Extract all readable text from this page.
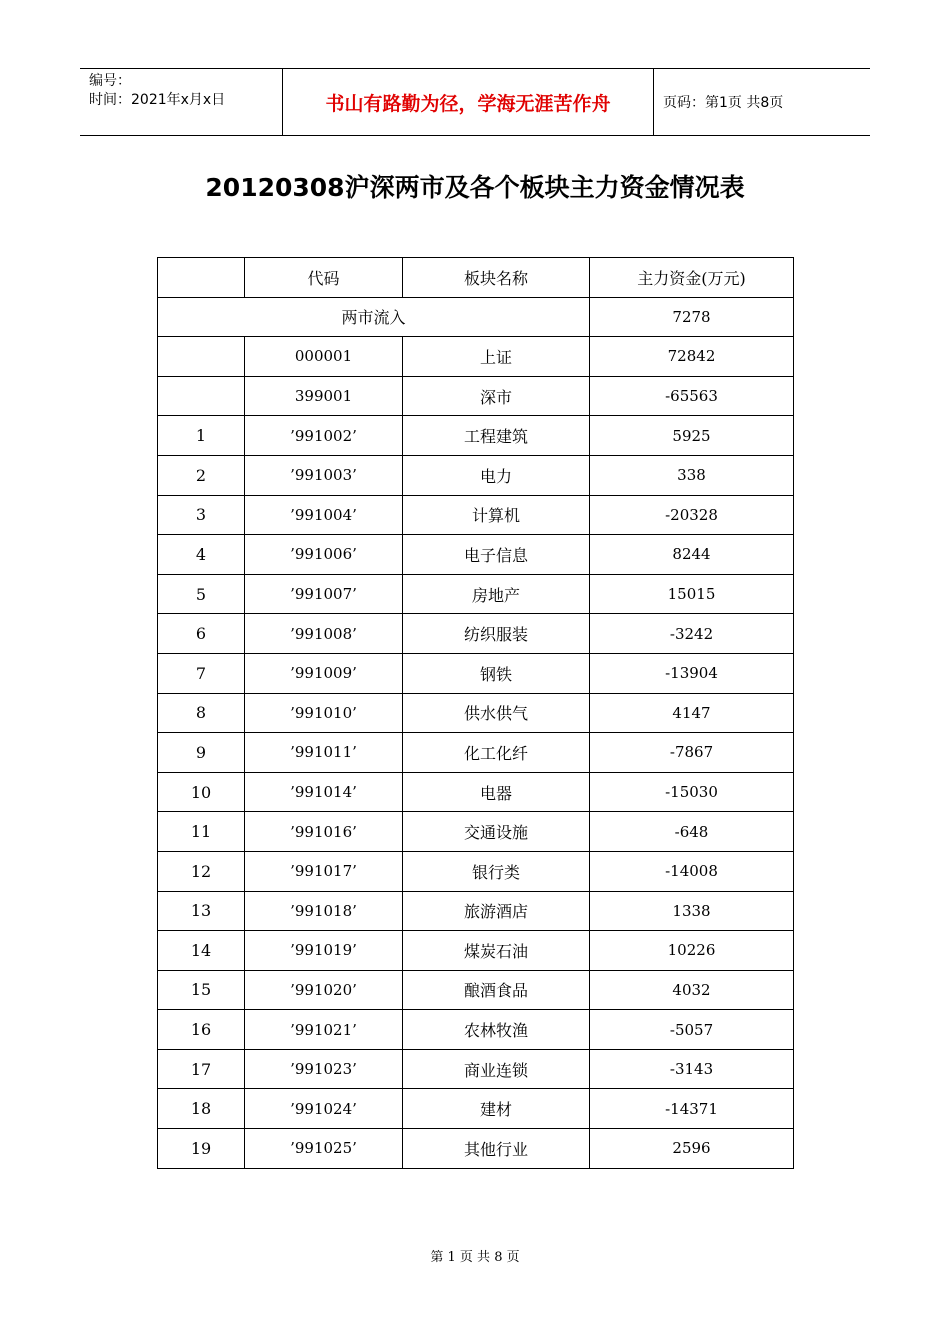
编号：
时间：2021年x月x日	书山有路勤为径，学海无涯苦作舟	页码：第1页 共8页
20120308沪深两市及各个板块主力资金情况表
	代码	板块名称	主力资金(万元)
两市流入			7278
	000001	上证	72842
	399001	深市	-65563
1	’991002’	工程建筑	5925
2	’991003’	电力	338
3	’991004’	计算机	-20328
4	’991006’	电子信息	8244
5	’991007’	房地产	15015
6	’991008’	纺织服装	-3242
7	’991009’	钢铁	-13904
8	’991010’	供水供气	4147
9	’991011’	化工化纤	-7867
10	’991014’	电器	-15030
11	’991016’	交通设施	-648
12	’991017’	银行类	-14008
13	’991018’	旅游酒店	1338
14	’991019’	煤炭石油	10226
15	’991020’	酿酒食品	4032
16	’991021’	农林牧渔	-5057
17	’991023’	商业连锁	-3143
18	’991024’	建材	-14371
19	’991025’	其他行业	2596
第 1 页 共 8 页
